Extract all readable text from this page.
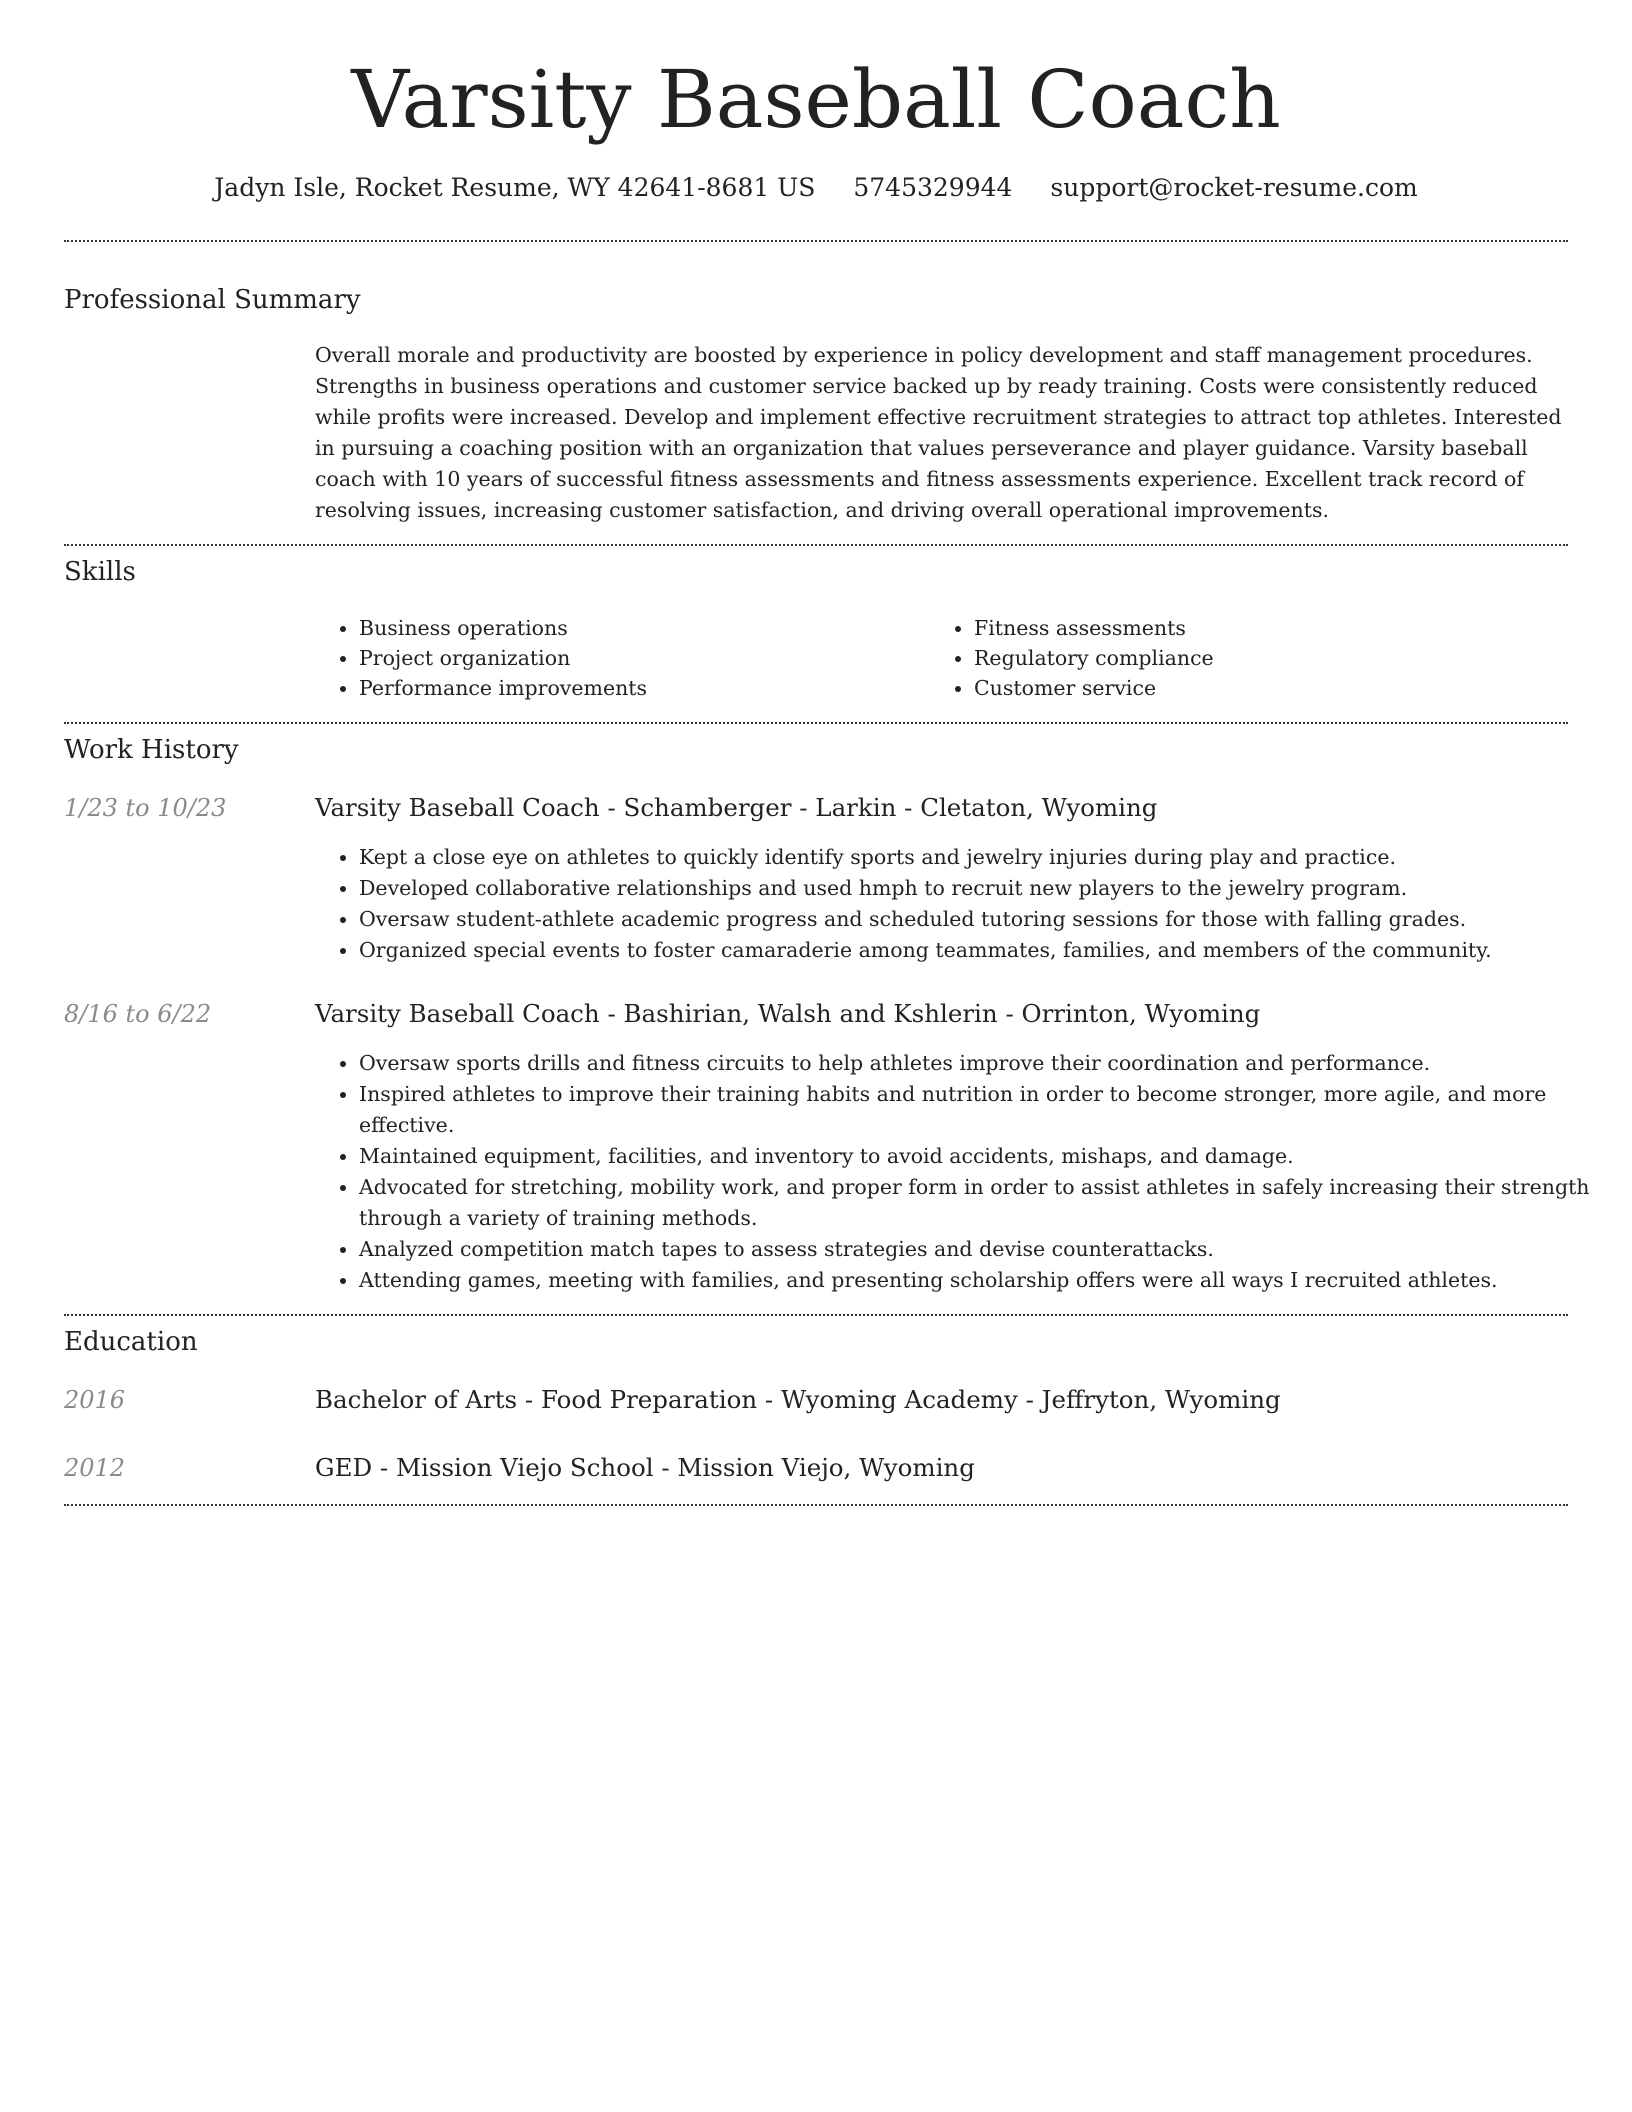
Varsity Baseball Coach
Jadyn Isle, Rocket Resume, WY 42641-8681 US 5745329944 support@rocket-resume.com
Professional Summary

Overall morale and productivity are boosted by experience in policy development and staff management procedures. Strengths in business operations and customer service backed up by ready training. Costs were consistently reduced while profits were increased. Develop and implement effective recruitment strategies to attract top athletes. Interested in pursuing a coaching position with an organization that values perseverance and player guidance. Varsity baseball coach with 10 years of successful fitness assessments and fitness assessments experience. Excellent track record of resolving issues, increasing customer satisfaction, and driving overall operational improvements.

Skills
• Business operations
• Project organization
• Performance improvements
• Fitness assessments
• Regulatory compliance
• Customer service
Work History
1/23 to 10/23	Varsity Baseball Coach - Schamberger - Larkin - Cletaton, Wyoming
• Kept a close eye on athletes to quickly identify sports and jewelry injuries during play and practice.
• Developed collaborative relationships and used hmph to recruit new players to the jewelry program.
• Oversaw student-athlete academic progress and scheduled tutoring sessions for those with falling grades.
• Organized special events to foster camaraderie among teammates, families, and members of the community.
8/16 to 6/22	Varsity Baseball Coach - Bashirian, Walsh and Kshlerin - Orrinton, Wyoming
• Oversaw sports drills and fitness circuits to help athletes improve their coordination and performance.
• Inspired athletes to improve their training habits and nutrition in order to become stronger, more agile, and more effective.
• Maintained equipment, facilities, and inventory to avoid accidents, mishaps, and damage.
• Advocated for stretching, mobility work, and proper form in order to assist athletes in safely increasing their strength through a variety of training methods.
• Analyzed competition match tapes to assess strategies and devise counterattacks.
• Attending games, meeting with families, and presenting scholarship offers were all ways I recruited athletes.
Education
2016	Bachelor of Arts - Food Preparation - Wyoming Academy - Jeffryton, Wyoming
2012	GED - Mission Viejo School - Mission Viejo, Wyoming
